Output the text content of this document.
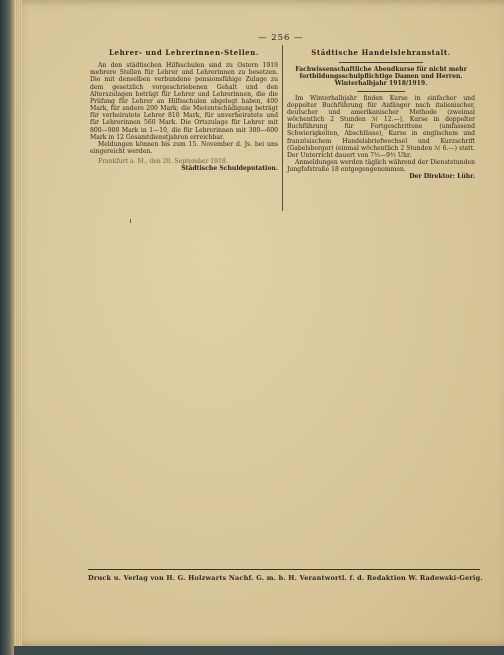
— 256 —
Lehrer- und Lehrerinnen-Stellen.
An den städtischen Hilfsschulen sind zu Ostern 1919 mehrere Stellen für Lehrer und Lehrerinnen zu besetzen. Die mit denselben verbundene pensionsfähige Zulage zu dem gesetzlich vorgeschriebenen Gehalt und den Alterszulagen beträgt für Lehrer und Lehrerinnen, die die Prüfung für Lehrer an Hilfsschulen abgelegt haben, 400 Mark, für andere 200 Mark; die Mietentschädigung beträgt für verheiratete Lehrer 810 Mark, für unverheiratete und für Lehrerinnen 560 Mark. Die Ortszulage für Lehrer mit 800—900 Mark in 1—10, die für Lehrerinnen mit 300—600 Mark in 12 Gesamtdienstjahren erreichbar.
Meldungen können bis zum 15. November d. Js. bei uns eingereicht werden.
Frankfurt a. M., den 20. September 1918.
Städtische Schuldeputation.
Städtische Handelslehranstalt.
Fachwissenschaftliche Abendkurse für nicht mehr fortbildungsschulpflichtige Damen und Herren.
Winterhalbjahr 1918/1919.
Im Winterhalbjahr finden Kurse in einfacher und doppelter Buchführung für Anfänger nach italienischer, deutscher und amerikanischer Methode (zweimal wöchentlich 2 Stunden ℳ 12.—), Kurse in doppelter Buchführung für Fortgeschrittene (umfassend Schwierigkeiten, Abschlüsse), Kurse in englischem und französischem Handelsbriefwechsel und Kurzschrift (Gabelsberger) (einmal wöchentlich 2 Stunden ℳ 6.—) statt. Der Unterricht dauert von 7½—9½ Uhr.
Anmeldungen werden täglich während der Dienststunden Jungfofstraße 18 entgegengenommen.
Der Direktor: Lühr.
Druck u. Verlag von H. G. Holzwarts Nachf. G. m. b. H. Verantwortl. f. d. Redaktion W. Radowski-Gerig.
